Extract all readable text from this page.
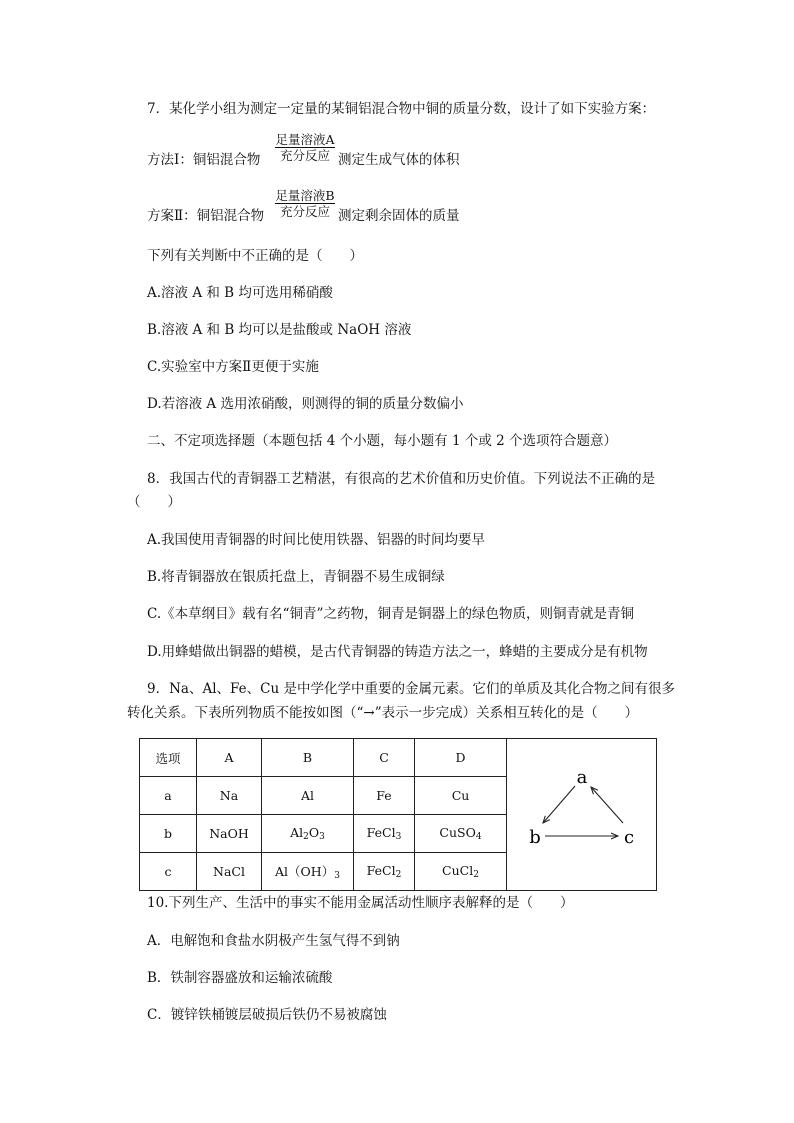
7．某化学小组为测定一定量的某铜铝混合物中铜的质量分数，设计了如下实验方案：
方法Ⅰ：铜铝混合物
足量溶液A
充分反应 测定生成气体的体积
方案Ⅱ：铜铝混合物
足量溶液B
充分反应 测定剩余固体的质量
下列有关判断中不正确的是（　　）
A.溶液 A 和 B 均可选用稀硝酸
B.溶液 A 和 B 均可以是盐酸或 NaOH 溶液
C.实验室中方案Ⅱ更便于实施
D.若溶液 A 选用浓硝酸，则测得的铜的质量分数偏小
二、不定项选择题（本题包括 4 个小题，每小题有 1 个或 2 个选项符合题意）
8．我国古代的青铜器工艺精湛，有很高的艺术价值和历史价值。下列说法不正确的是
（　　）
A.我国使用青铜器的时间比使用铁器、铝器的时间均要早
B.将青铜器放在银质托盘上，青铜器不易生成铜绿
C.《本草纲目》载有名“铜青”之药物，铜青是铜器上的绿色物质，则铜青就是青铜
D.用蜂蜡做出铜器的蜡模，是古代青铜器的铸造方法之一，蜂蜡的主要成分是有机物
9．Na、Al、Fe、Cu 是中学化学中重要的金属元素。它们的单质及其化合物之间有很多
转化关系。下表所列物质不能按如图（“→”表示一步完成）关系相互转化的是（　　）
选项	A	B	C	D	a
b c

a	Na	Al	Fe	Cu	
b	NaOH	$Al_2O_3$	FeCl$_3$	CuSO$_4$
c	NaCl	$Al(OH)_3$	FeCl$_2$	CuCl$_2$
10.下列生产、生活中的事实不能用金属活动性顺序表解释的是（　　）
A．电解饱和食盐水阴极产生氢气得不到钠
B．铁制容器盛放和运输浓硫酸
C．镀锌铁桶镀层破损后铁仍不易被腐蚀
